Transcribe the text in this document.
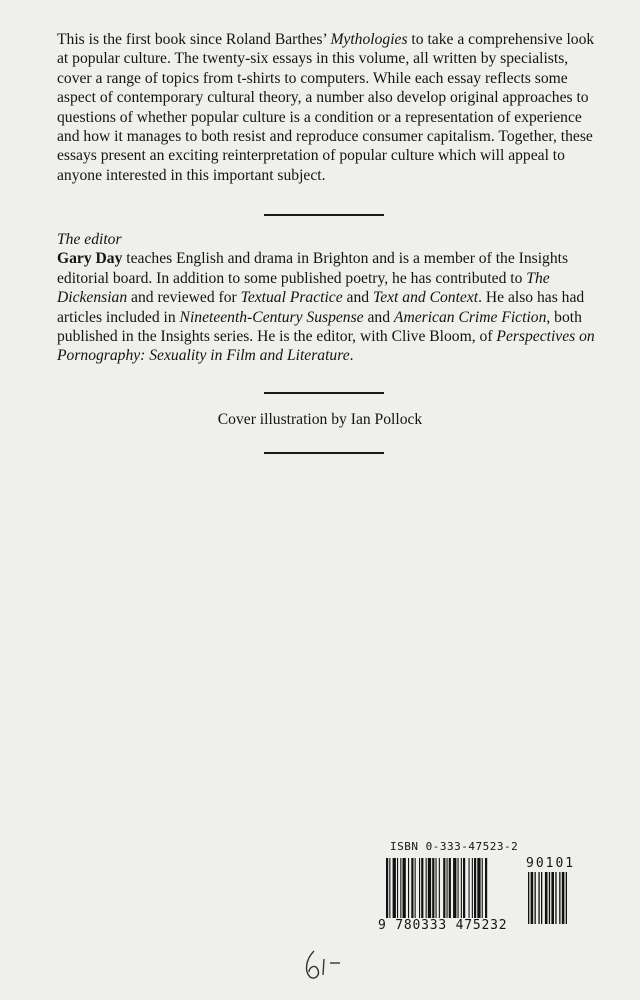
This is the first book since Roland Barthes’ Mythologies to take a comprehensive look at popular culture. The twenty-six essays in this volume, all written by specialists, cover a range of topics from t-shirts to computers. While each essay reflects some aspect of contemporary cultural theory, a number also develop original approaches to questions of whether popular culture is a condition or a representation of experience and how it manages to both resist and reproduce consumer capitalism. Together, these essays present an exciting reinterpretation of popular culture which will appeal to anyone interested in this important subject.

The editor

Gary Day teaches English and drama in Brighton and is a member of the Insights editorial board. In addition to some published poetry, he has contributed to The Dickensian and reviewed for Textual Practice and Text and Context. He also has had articles included in Nineteenth-Century Suspense and American Crime Fiction, both published in the Insights series. He is the editor, with Clive Bloom, of Perspectives on Pornography: Sexuality in Film and Literature.

Cover illustration by Ian Pollock
ISBN 0-333-47523-2
9 780333 475232
90101
